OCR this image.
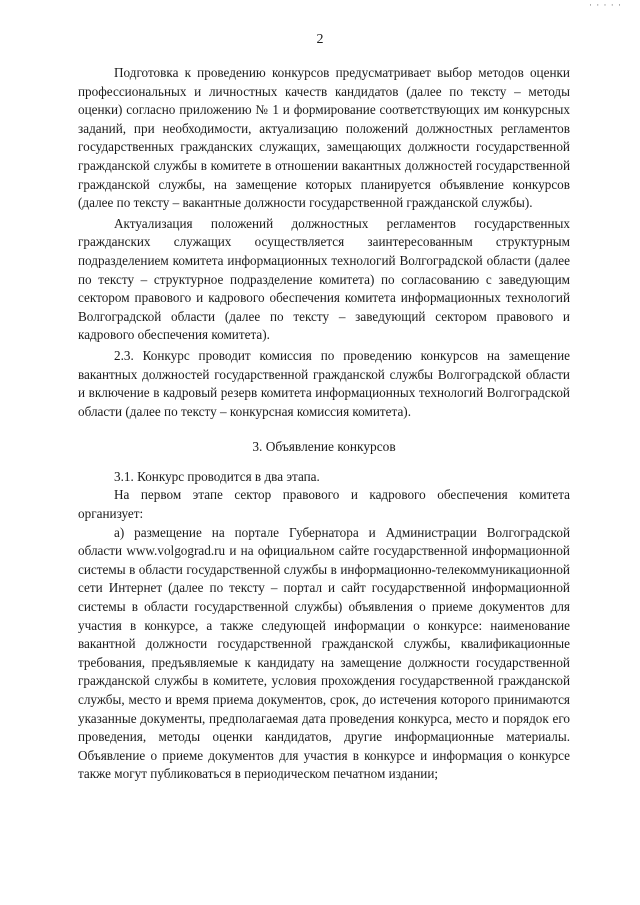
· · · · ·
2

Подготовка к проведению конкурсов предусматривает выбор методов оценки профессиональных и личностных качеств кандидатов (далее по тексту – методы оценки) согласно приложению № 1 и формирование соответствующих им конкурсных заданий, при необходимости, актуализацию положений должностных регламентов государственных гражданских служащих, замещающих должности государственной гражданской службы в комитете в отношении вакантных должностей государственной гражданской службы, на замещение которых планируется объявление конкурсов (далее по тексту – вакантные должности государственной гражданской службы).

Актуализация положений должностных регламентов государственных гражданских служащих осуществляется заинтересованным структурным подразделением комитета информационных технологий Волгоградской области (далее по тексту – структурное подразделение комитета) по согласованию с заведующим сектором правового и кадрового обеспечения комитета информационных технологий Волгоградской области (далее по тексту – заведующий сектором правового и кадрового обеспечения комитета).

2.3. Конкурс проводит комиссия по проведению конкурсов на замещение вакантных должностей государственной гражданской службы Волгоградской области и включение в кадровый резерв комитета информационных технологий Волгоградской области (далее по тексту – конкурсная комиссия комитета).

3. Объявление конкурсов

3.1. Конкурс проводится в два этапа.

На первом этапе сектор правового и кадрового обеспечения комитета организует:

а) размещение на портале Губернатора и Администрации Волгоградской области www.volgograd.ru и на официальном сайте государственной информационной системы в области государственной службы в информационно-телекоммуникационной сети Интернет (далее по тексту – портал и сайт государственной информационной системы в области государственной службы) объявления о приеме документов для участия в конкурсе, а также следующей информации о конкурсе: наименование вакантной должности государственной гражданской службы, квалификационные требования, предъявляемые к кандидату на замещение должности государственной гражданской службы в комитете, условия прохождения государственной гражданской службы, место и время приема документов, срок, до истечения которого принимаются указанные документы, предполагаемая дата проведения конкурса, место и порядок его проведения, методы оценки кандидатов, другие информационные материалы. Объявление о приеме документов для участия в конкурсе и информация о конкурсе также могут публиковаться в периодическом печатном издании;
